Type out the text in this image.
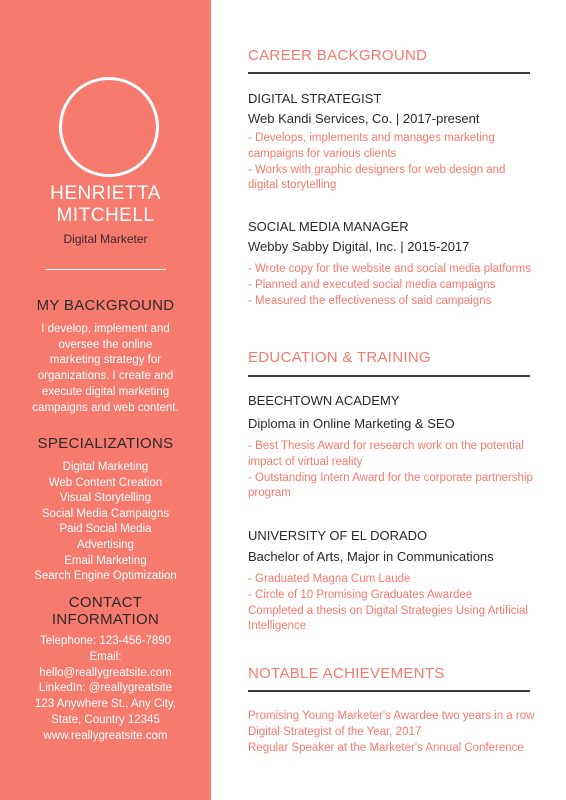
HENRIETTA
MITCHELL
Digital Marketer
MY BACKGROUND
I develop, implement and oversee the online marketing strategy for organizations. I create and execute digital marketing campaigns and web content.
SPECIALIZATIONS
Digital Marketing
Web Content Creation
Visual Storytelling
Social Media Campaigns
Paid Social Media
Advertising
Email Marketing
Search Engine Optimization
CONTACT
INFORMATION
Telephone: 123-456-7890
Email:
hello@reallygreatsite.com
LinkedIn: @reallygreatsite
123 Anywhere St., Any City,
State, Country 12345
www.reallygreatsite.com
CAREER BACKGROUND
DIGITAL STRATEGIST
Web Kandi Services, Co. | 2017-present
- Develops, implements and manages marketing campaigns for various clients
- Works with graphic designers for web design and digital storytelling
SOCIAL MEDIA MANAGER
Webby Sabby Digital, Inc. | 2015-2017
- Wrote copy for the website and social media platforms
- Planned and executed social media campaigns
- Measured the effectiveness of said campaigns
EDUCATION & TRAINING
BEECHTOWN ACADEMY
Diploma in Online Marketing & SEO
- Best Thesis Award for research work on the potential impact of virtual reality
- Outstanding Intern Award for the corporate partnership program
UNIVERSITY OF EL DORADO
Bachelor of Arts, Major in Communications
- Graduated Magna Cum Laude
- Circle of 10 Promising Graduates Awardee
Completed a thesis on Digital Strategies Using Artificial Intelligence
NOTABLE ACHIEVEMENTS
Promising Young Marketer's Awardee two years in a row
Digital Strategist of the Year, 2017
Regular Speaker at the Marketer's Annual Conference
